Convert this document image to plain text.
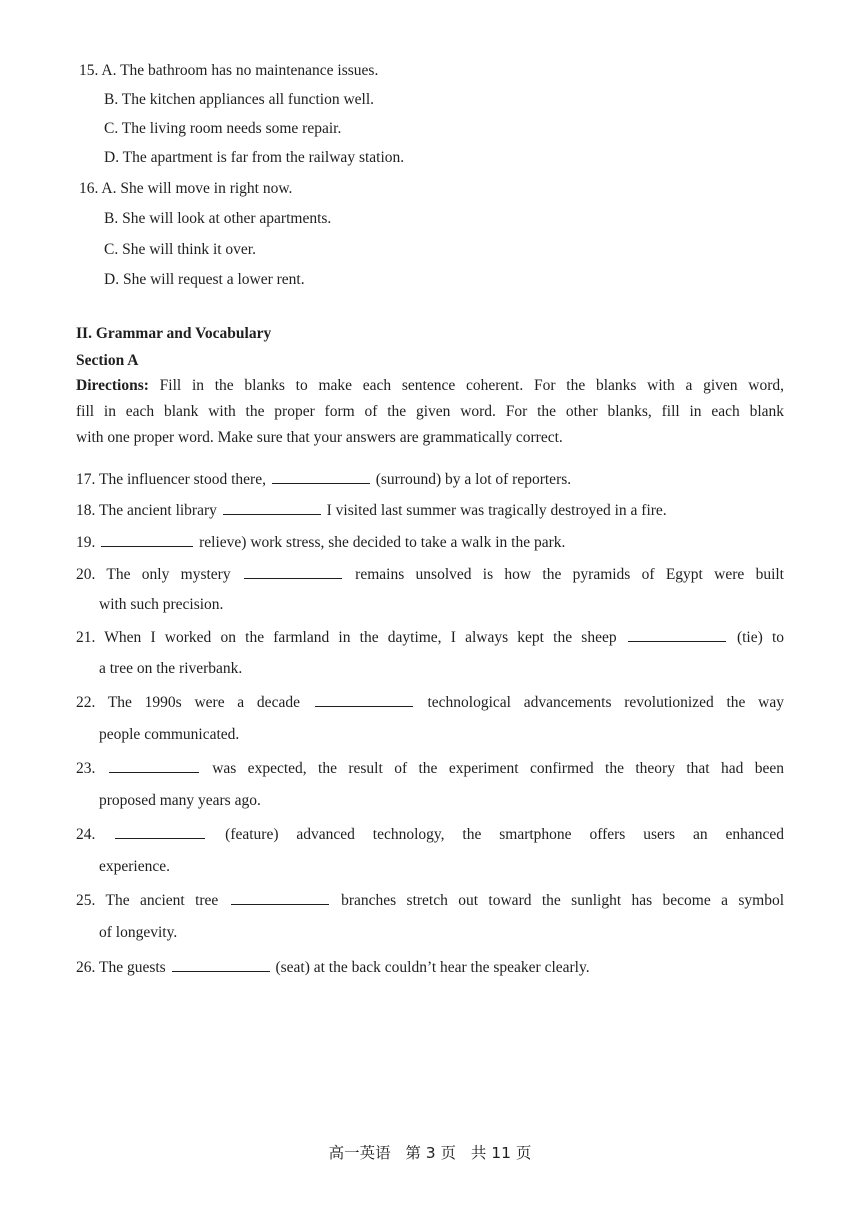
15. A. The bathroom has no maintenance issues.
B. The kitchen appliances all function well.
C. The living room needs some repair.
D. The apartment is far from the railway station.
16. A. She will move in right now.
B. She will look at other apartments.
C. She will think it over.
D. She will request a lower rent.
II. Grammar and Vocabulary
Section A
Directions: Fill in the blanks to make each sentence coherent. For the blanks with a given word,
fill in each blank with the proper form of the given word. For the other blanks, fill in each blank
with one proper word. Make sure that your answers are grammatically correct.
17. The influencer stood there,	(surround) by a lot of reporters.
18. The ancient library	I visited last summer was tragically destroyed in a fire.
19.	relieve) work stress, she decided to take a walk in the park.
20. The only mystery	remains unsolved is how the pyramids of Egypt were built
with such precision.
21. When I worked on the farmland in the daytime, I always kept the sheep	(tie) to
a tree on the riverbank.
22. The 1990s were a decade	technological advancements revolutionized the way
people communicated.
23.	was expected, the result of the experiment confirmed the theory that had been
proposed many years ago.
24.	(feature) advanced technology, the smartphone offers users an enhanced
experience.
25. The ancient tree	branches stretch out toward the sunlight has become a symbol
of longevity.
26. The guests	(seat) at the back couldn’t hear the speaker clearly.
高一英语   第 3 页   共 11 页
